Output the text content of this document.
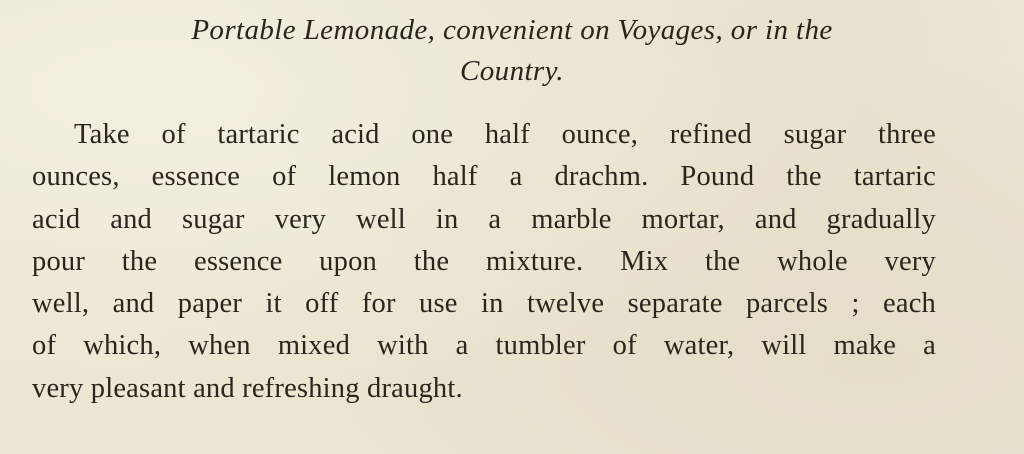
Portable Lemonade, convenient on Voyages, or in the
Country.

Take of tartaric acid one half ounce, refined sugar three
ounces, essence of lemon half a drachm. Pound the tartaric
acid and sugar very well in a marble mortar, and gradually
pour the essence upon the mixture. Mix the whole very
well, and paper it off for use in twelve separate parcels ; each
of which, when mixed with a tumbler of water, will make a
very pleasant and refreshing draught.
